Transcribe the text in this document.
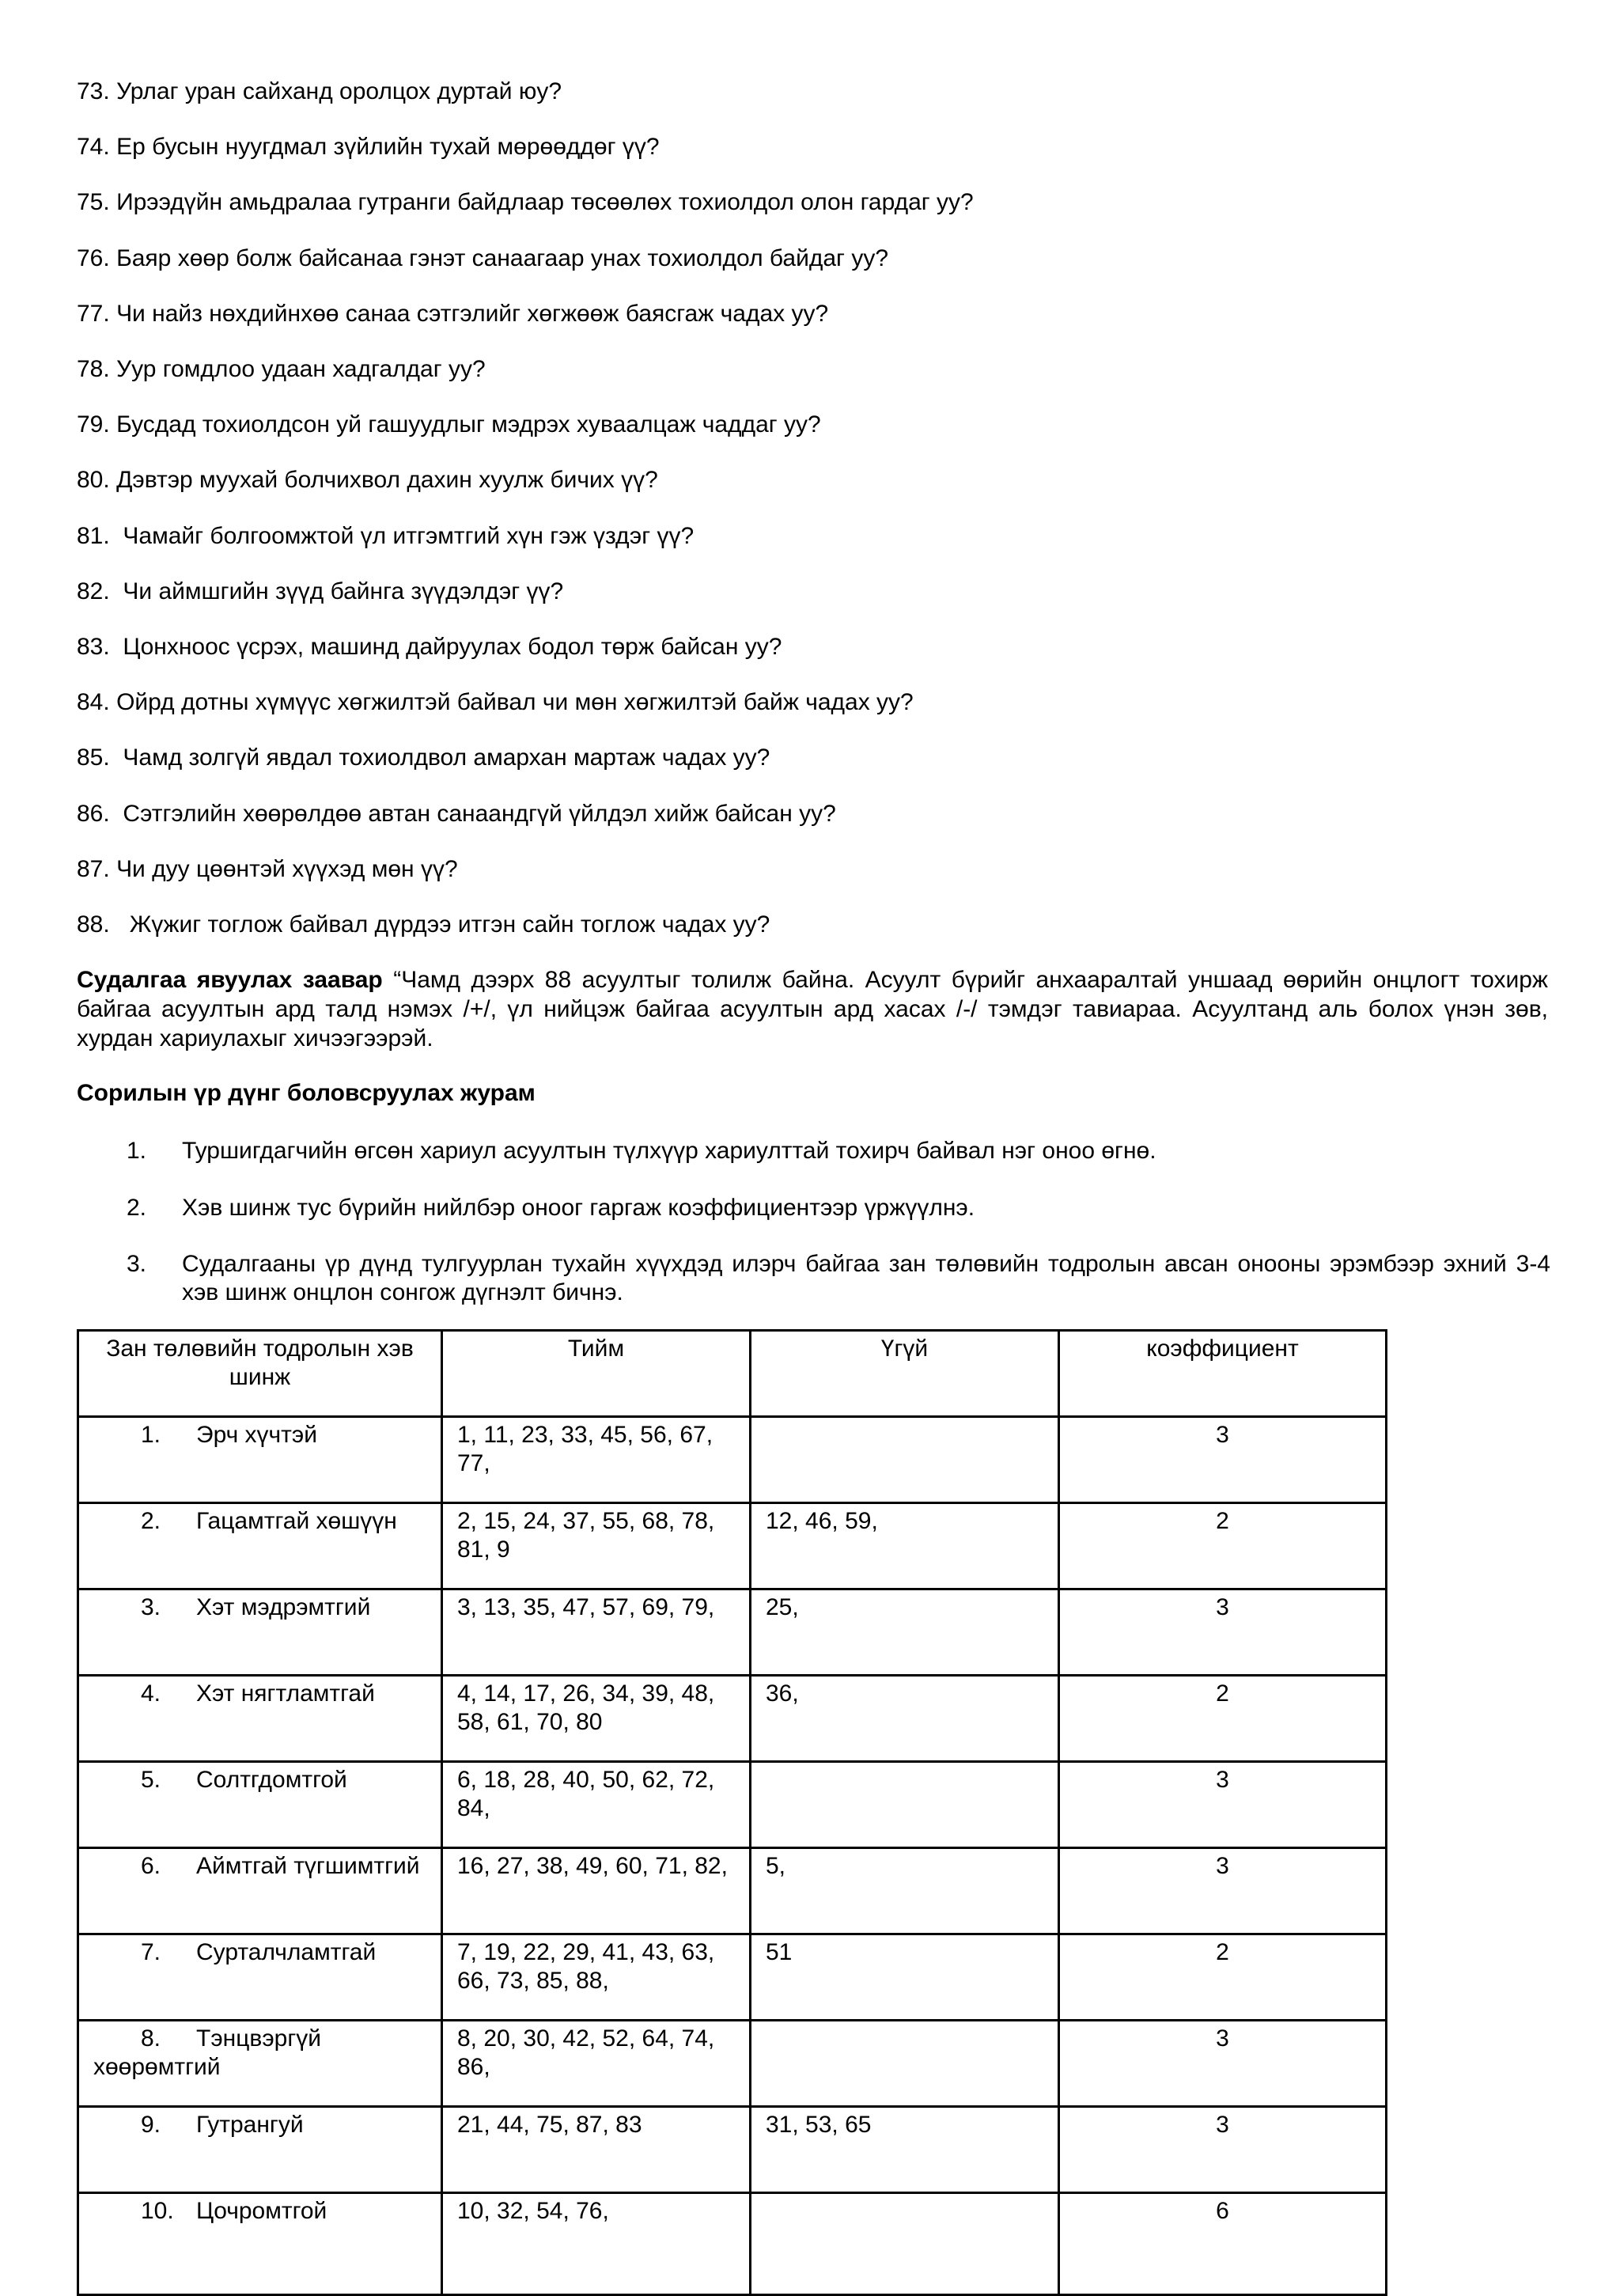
73. Урлаг уран сайханд оролцох дуртай юу?
74. Ер бусын нуугдмал зүйлийн тухай мөрөөддөг үү?
75. Ирээдүйн амьдралаа гутранги байдлаар төсөөлөх тохиолдол олон гардаг уу?
76. Баяр хөөр болж байсанаа гэнэт санаагаар унах тохиолдол байдаг уу?
77. Чи найз нөхдийнхөө санаа сэтгэлийг хөгжөөж баясгаж чадах уу?
78. Уур гомдлоо удаан хадгалдаг уу?
79. Бусдад тохиолдсон уй гашуудлыг мэдрэх хуваалцаж чаддаг уу?
80. Дэвтэр муухай болчихвол дахин хуулж бичих үү?
81.  Чамайг болгоомжтой үл итгэмтгий хүн гэж үздэг үү?
82.  Чи аймшгийн зүүд байнга зүүдэлдэг үү?
83.  Цонхноос үсрэх, машинд дайруулах бодол төрж байсан уу?
84. Ойрд дотны хүмүүс хөгжилтэй байвал чи мөн хөгжилтэй байж чадах уу?
85.  Чамд золгүй явдал тохиолдвол амархан мартаж чадах уу?
86.  Сэтгэлийн хөөрөлдөө автан санаандгүй үйлдэл хийж байсан уу?
87. Чи дуу цөөнтэй хүүхэд мөн үү?
88.   Жүжиг тоглож байвал дүрдээ итгэн сайн тоглож чадах уу?
Судалгаа явуулах заавар “Чамд дээрх 88 асуултыг толилж байна. Асуулт бүрийг анхааралтай уншаад өөрийн онцлогт тохирж байгаа асуултын ард талд нэмэх /+/, үл нийцэж байгаа асуултын ард хасах /-/ тэмдэг тавиараа. Асуултанд аль болох үнэн зөв, хурдан хариулахыг хичээгээрэй.
Сорилын үр дүнг боловсруулах журам
1. Туршигдагчийн өгсөн хариул асуултын түлхүүр хариулттай тохирч байвал нэг оноо өгнө.
2. Хэв шинж тус бүрийн нийлбэр оноог гаргаж коэффициентээр үржүүлнэ.
3. Судалгааны үр дүнд тулгуурлан тухайн хүүхдэд илэрч байгаа зан төлөвийн тодролын авсан онооны эрэмбээр эхний 3-4 хэв шинж онцлон сонгож дүгнэлт бичнэ.
Зан төлөвийн тодролын хэв шинж	Тийм	Үгүй	коэффициент
1. Эрч хүчтэй	1, 11, 23, 33, 45, 56, 67, 77,		3
2. Гацамтгай хөшүүн	2, 15, 24, 37, 55, 68, 78, 81, 9	12, 46, 59,	2
3. Хэт мэдрэмтгий	3, 13, 35, 47, 57, 69, 79,	25,	3
4. Хэт нягтламтгай	4, 14, 17, 26, 34, 39, 48, 58, 61, 70, 80	36,	2
5. Солтгдомтгой	6, 18, 28, 40, 50, 62, 72, 84,		3
6. Аймтгай түгшимтгий	16, 27, 38, 49, 60, 71, 82,	5,	3
7. Сурталчламтгай	7, 19, 22, 29, 41, 43, 63, 66, 73, 85, 88,	51	2
8. Тэнцвэргүй хөөрөмтгий	8, 20, 30, 42, 52, 64, 74, 86,		3
9. Гутрангуй	21, 44, 75, 87, 83	31, 53, 65	3
10. Цочромтгой	10, 32, 54, 76,		6
